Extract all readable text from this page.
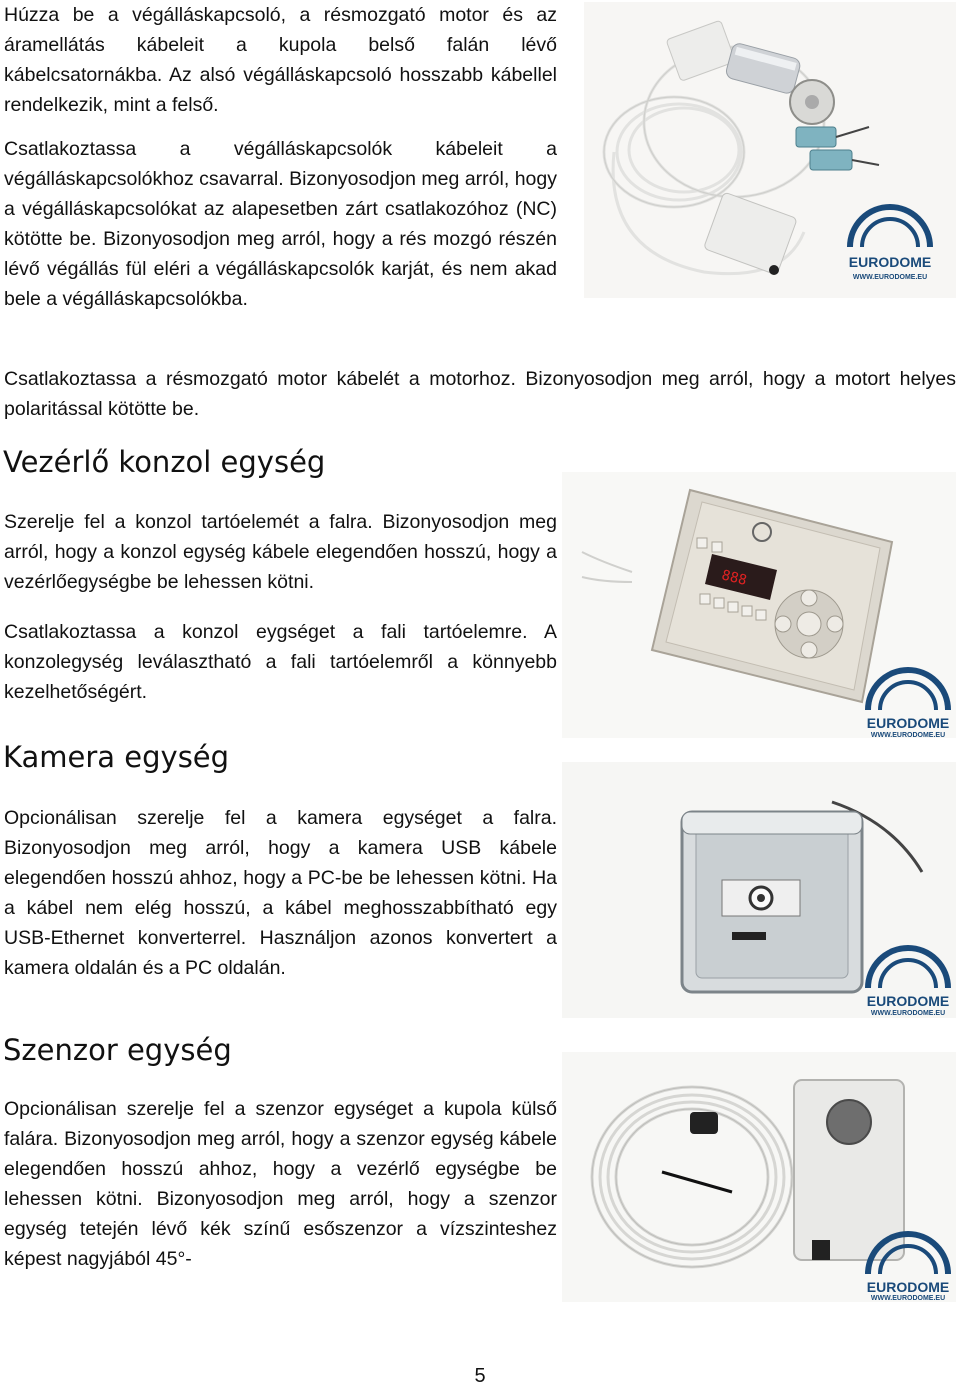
Húzza be a végálláskapcsoló, a résmozgató motor és az áramellátás kábeleit a kupola belső falán lévő kábelcsatornákba. Az alsó végálláskapcsoló hosszabb kábellel rendelkezik, mint a felső.

Csatlakoztassa a végálláskapcsolók kábeleit a végálláskapcsolókhoz csavarral. Bizonyosodjon meg arról, hogy a végálláskapcsolókat az alapesetben zárt csatlakozóhoz (NC) kötötte be. Bizonyosodjon meg arról, hogy a rés mozgó részén lévő végállás fül eléri a végálláskapcsolók karját, és nem akad bele a végálláskapcsolókba.

EURODOME
WWW.EURODOME.EU

Csatlakoztassa a résmozgató motor kábelét a motorhoz. Bizonyosodjon meg arról, hogy a motort helyes polaritással kötötte be.

Vezérlő konzol egység

Szerelje fel a konzol tartóelemét a falra. Bizonyosodjon meg arról, hogy a konzol egység kábele elegendően hosszú, hogy a vezérlőegységbe be lehessen kötni.

Csatlakoztassa a konzol eygséget a fali tartóelemre. A konzolegység leválasztható a fali tartóelemről a könnyebb kezelhetőségért.

888
EURODOME
WWW.EURODOME.EU
Kamera egység

Opcionálisan szerelje fel a kamera egységet a falra. Bizonyosodjon meg arról, hogy a kamera USB kábele elegendően hosszú ahhoz, hogy a PC-be be lehessen kötni. Ha a kábel nem elég hosszú, a kábel meghosszabbítható egy USB-Ethernet konverterrel. Használjon azonos konvertert a kamera oldalán és a PC oldalán.

EURODOME
WWW.EURODOME.EU
Szenzor egység

Opcionálisan szerelje fel a szenzor egységet a kupola külső falára. Bizonyosodjon meg arról, hogy a szenzor egység kábele elegendően hosszú ahhoz, hogy a vezérlő egységbe be lehessen kötni. Bizonyosodjon meg arról, hogy a szenzor egység tetején lévő kék színű esőszenzor a vízszinteshez képest nagyjából 45°-

EURODOME
WWW.EURODOME.EU
5
